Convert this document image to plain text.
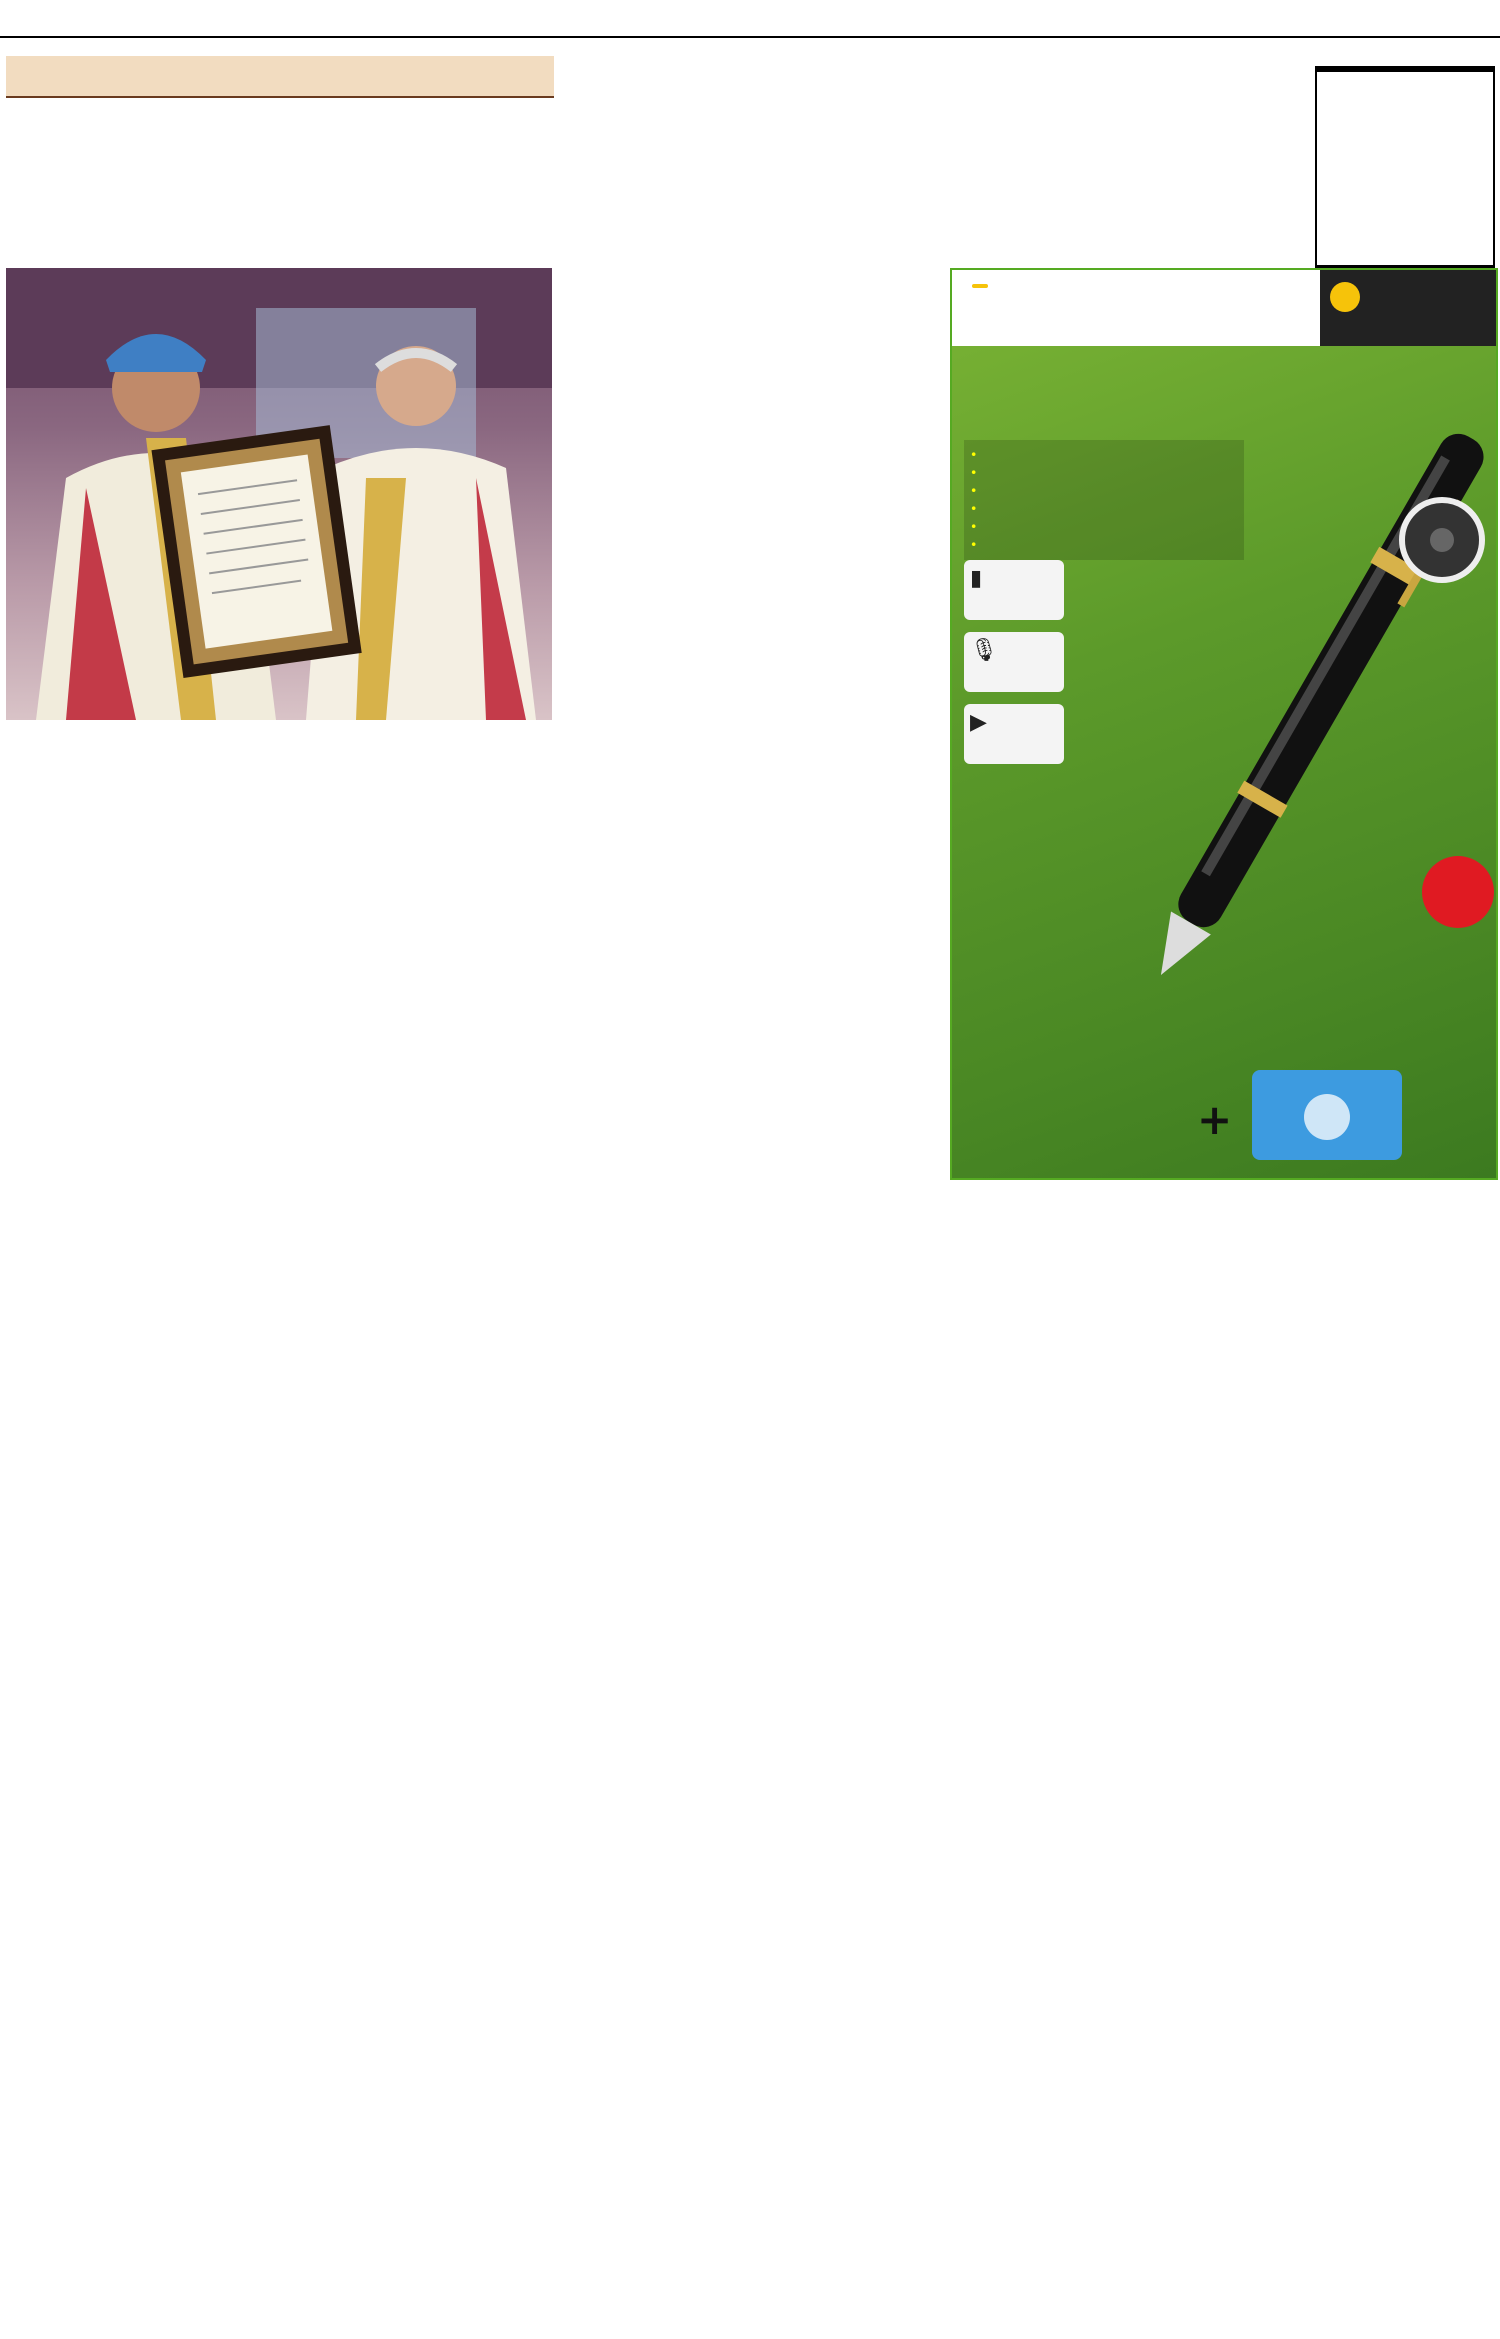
•
•
•
•
•
•
▮
🎙
▶

+
